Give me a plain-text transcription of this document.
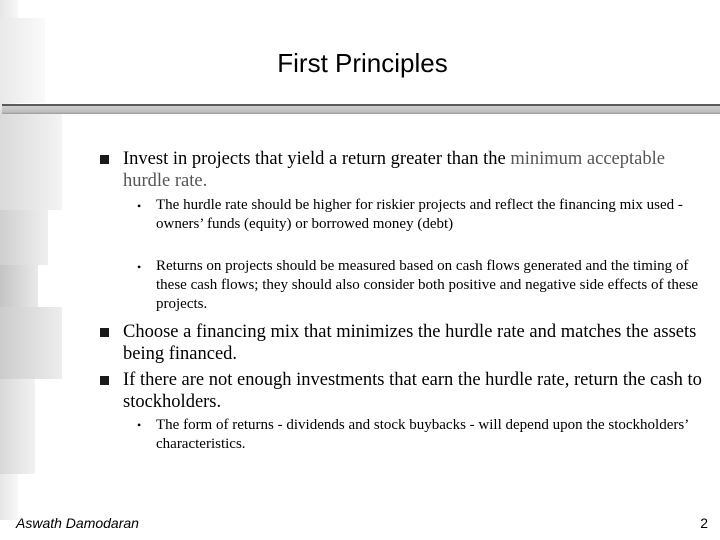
First Principles
Invest in projects that yield a return greater than the minimum acceptable hurdle rate.
• The hurdle rate should be higher for riskier projects and reflect the financing mix used - owners’ funds (equity) or borrowed money (debt)
• Returns on projects should be measured based on cash flows generated and the timing of these cash flows; they should also consider both positive and negative side effects of these projects.
Choose a financing mix that minimizes the hurdle rate and matches the assets being financed.
If there are not enough investments that earn the hurdle rate, return the cash to stockholders.
• The form of returns - dividends and stock buybacks - will depend upon the stockholders’ characteristics.
Aswath Damodaran	2
